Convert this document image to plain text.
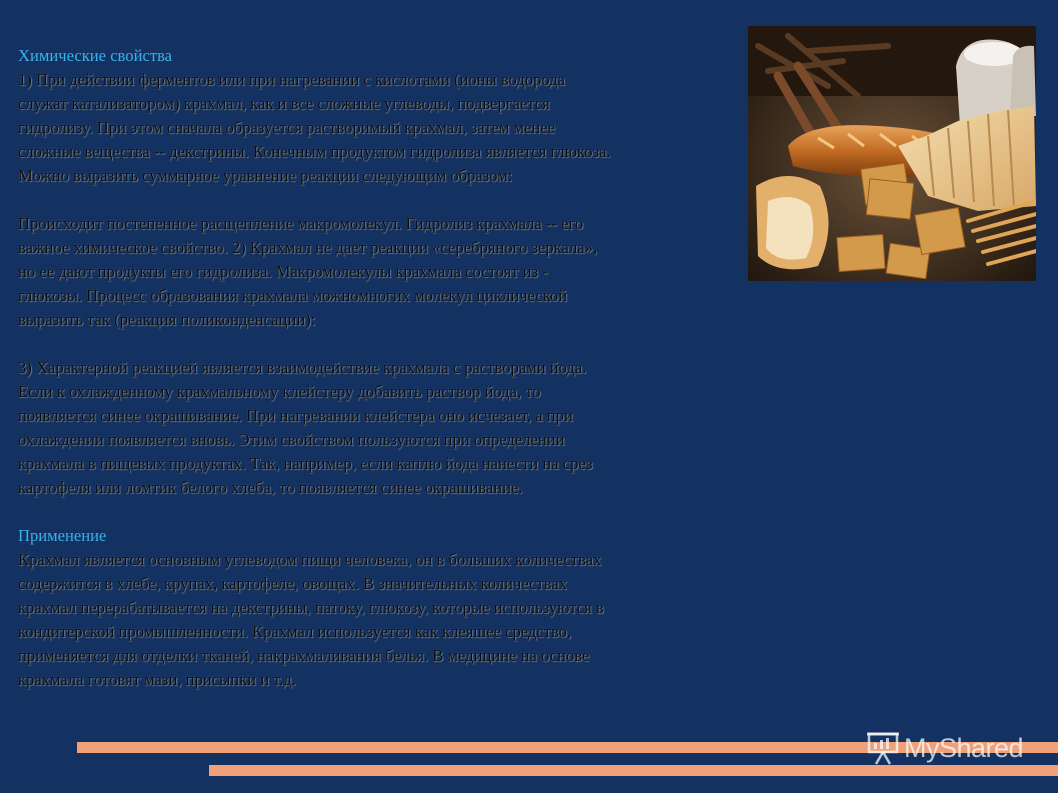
Химические свойства

1) При действии ферментов или при нагревании с кислотами (ионы водорода

служат катализатором) крахмал, как и все сложные углеводы, подвергается

гидролизу. При этом сначала образуется растворимый крахмал, затем менее

сложные вещества -- декстрины. Конечным продуктом гидролиза является глюкоза.

Можно выразить суммарное уравнение реакции следующим образом:

Происходит постепенное расщепление макромолекул. Гидролиз крахмала -- его

важное химическое свойство. 2) Крахмал не дает реакции «серебряного зеркала»,

но ее дают продукты его гидролиза. Макромолекулы крахмала состоят из -

глюкозы. Процесс образования крахмала можномногих молекул циклической

выразить так (реакция поликонденсации):

3) Характерной реакцией является взаимодействие крахмала с растворами йода.

Если к охлажденному крахмальному клейстеру добавить раствор йода, то

появляется синее окрашивание. При нагревании клейстера оно исчезает, а при

охлаждении появляется вновь. Этим свойством пользуются при определении

крахмала в пищевых продуктах. Так, например, если каплю йода нанести на срез

картофеля или ломтик белого хлеба, то появляется синее окрашивание.

Применение

Крахмал является основным углеводом пищи человека, он в больших количествах

содержится в хлебе, крупах, картофеле, овощах. В значительных количествах

крахмал перерабатывается на декстрины, патоку, глюкозу, которые используются в

кондитерской промышленности. Крахмал используется как клеяшее средство,

применяется для отделки тканей, накрахмаливания белья. В медицине на основе

крахмала готовят мази, присыпки и т.д.

MyShared
